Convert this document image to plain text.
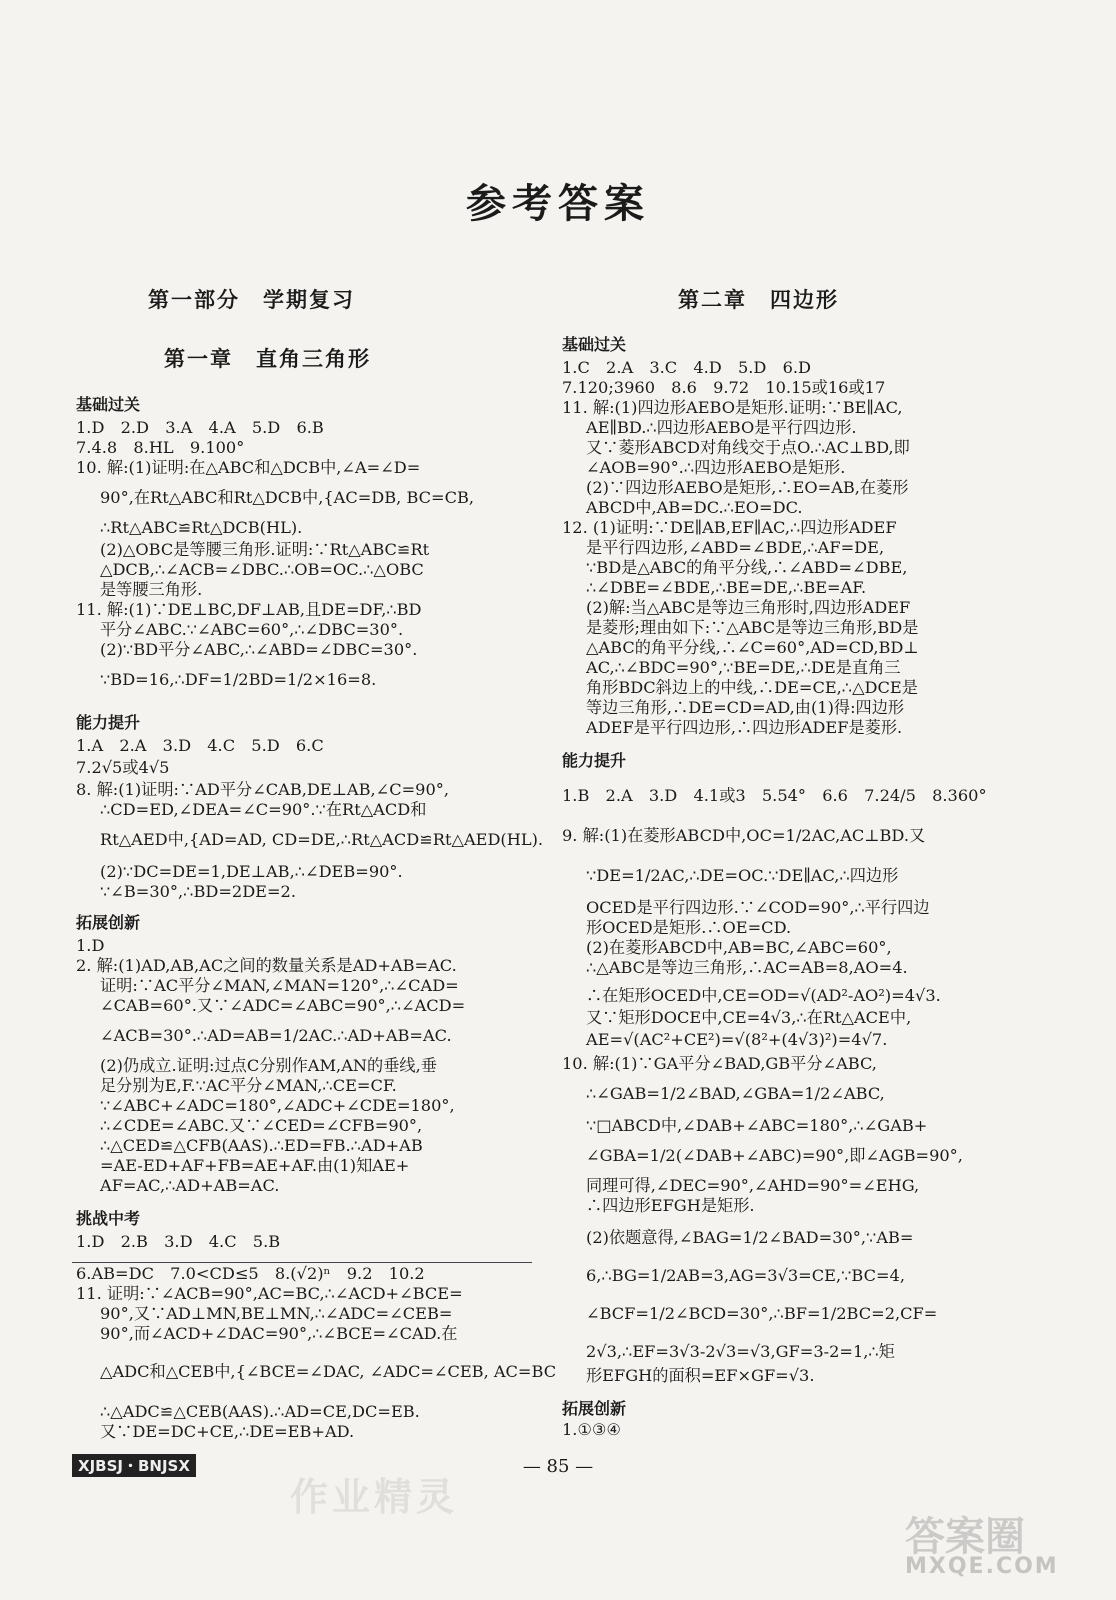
参考答案
第一部分　学期复习
第一章　直角三角形
基础过关
1.D　2.D　3.A　4.A　5.D　6.B
7.4.8　8.HL　9.100°
10. 解:(1)证明:在△ABC和△DCB中,∠A=∠D=
90°,在Rt△ABC和Rt△DCB中,{AC=DB, BC=CB,
∴Rt△ABC≌Rt△DCB(HL).
(2)△OBC是等腰三角形.证明:∵Rt△ABC≌Rt
△DCB,∴∠ACB=∠DBC.∴OB=OC.∴△OBC
是等腰三角形.
11. 解:(1)∵DE⊥BC,DF⊥AB,且DE=DF,∴BD
平分∠ABC.∵∠ABC=60°,∴∠DBC=30°.
(2)∵BD平分∠ABC,∴∠ABD=∠DBC=30°.
∵BD=16,∴DF=1/2BD=1/2×16=8.
能力提升
1.A　2.A　3.D　4.C　5.D　6.C
7.2√5或4√5
8. 解:(1)证明:∵AD平分∠CAB,DE⊥AB,∠C=90°,
∴CD=ED,∠DEA=∠C=90°.∵在Rt△ACD和
Rt△AED中,{AD=AD, CD=DE,∴Rt△ACD≌Rt△AED(HL).
(2)∵DC=DE=1,DE⊥AB,∴∠DEB=90°.
∵∠B=30°,∴BD=2DE=2.
拓展创新
1.D
2. 解:(1)AD,AB,AC之间的数量关系是AD+AB=AC.
证明:∵AC平分∠MAN,∠MAN=120°,∴∠CAD=
∠CAB=60°.又∵∠ADC=∠ABC=90°,∴∠ACD=
∠ACB=30°.∴AD=AB=1/2AC.∴AD+AB=AC.
(2)仍成立.证明:过点C分别作AM,AN的垂线,垂
足分别为E,F.∵AC平分∠MAN,∴CE=CF.
∵∠ABC+∠ADC=180°,∠ADC+∠CDE=180°,
∴∠CDE=∠ABC.又∵∠CED=∠CFB=90°,
∴△CED≌△CFB(AAS).∴ED=FB.∴AD+AB
=AE-ED+AF+FB=AE+AF.由(1)知AE+
AF=AC,∴AD+AB=AC.
挑战中考
1.D　2.B　3.D　4.C　5.B
6.AB=DC　7.0<CD≤5　8.(√2)ⁿ　9.2　10.2
11. 证明:∵∠ACB=90°,AC=BC,∴∠ACD+∠BCE=
90°,又∵AD⊥MN,BE⊥MN,∴∠ADC=∠CEB=
90°,而∠ACD+∠DAC=90°,∴∠BCE=∠CAD.在
△ADC和△CEB中,{∠BCE=∠DAC, ∠ADC=∠CEB, AC=BC
∴△ADC≌△CEB(AAS).∴AD=CE,DC=EB.
又∵DE=DC+CE,∴DE=EB+AD.
第二章　四边形
基础过关
1.C　2.A　3.C　4.D　5.D　6.D
7.120;3960　8.6　9.72　10.15或16或17
11. 解:(1)四边形AEBO是矩形.证明:∵BE∥AC,
AE∥BD.∴四边形AEBO是平行四边形.
又∵菱形ABCD对角线交于点O.∴AC⊥BD,即
∠AOB=90°.∴四边形AEBO是矩形.
(2)∵四边形AEBO是矩形,∴EO=AB,在菱形
ABCD中,AB=DC.∴EO=DC.
12. (1)证明:∵DE∥AB,EF∥AC,∴四边形ADEF
是平行四边形,∠ABD=∠BDE,∴AF=DE,
∵BD是△ABC的角平分线,∴∠ABD=∠DBE,
∴∠DBE=∠BDE,∴BE=DE,∴BE=AF.
(2)解:当△ABC是等边三角形时,四边形ADEF
是菱形;理由如下:∵△ABC是等边三角形,BD是
△ABC的角平分线,∴∠C=60°,AD=CD,BD⊥
AC,∴∠BDC=90°,∵BE=DE,∴DE是直角三
角形BDC斜边上的中线,∴DE=CE,∴△DCE是
等边三角形,∴DE=CD=AD,由(1)得:四边形
ADEF是平行四边形,∴四边形ADEF是菱形.
能力提升
1.B　2.A　3.D　4.1或3　5.54°　6.6　7.24/5　8.360°
9. 解:(1)在菱形ABCD中,OC=1/2AC,AC⊥BD.又
∵DE=1/2AC,∴DE=OC.∵DE∥AC,∴四边形
OCED是平行四边形.∵∠COD=90°,∴平行四边
形OCED是矩形.∴OE=CD.
(2)在菱形ABCD中,AB=BC,∠ABC=60°,
∴△ABC是等边三角形,∴AC=AB=8,AO=4.
∴在矩形OCED中,CE=OD=√(AD²-AO²)=4√3.
又∵矩形DOCE中,CE=4√3,∴在Rt△ACE中,
AE=√(AC²+CE²)=√(8²+(4√3)²)=4√7.
10. 解:(1)∵GA平分∠BAD,GB平分∠ABC,
∴∠GAB=1/2∠BAD,∠GBA=1/2∠ABC,
∵□ABCD中,∠DAB+∠ABC=180°,∴∠GAB+
∠GBA=1/2(∠DAB+∠ABC)=90°,即∠AGB=90°,
同理可得,∠DEC=90°,∠AHD=90°=∠EHG,
∴四边形EFGH是矩形.
(2)依题意得,∠BAG=1/2∠BAD=30°,∵AB=
6,∴BG=1/2AB=3,AG=3√3=CE,∵BC=4,
∠BCF=1/2∠BCD=30°,∴BF=1/2BC=2,CF=
2√3,∴EF=3√3-2√3=√3,GF=3-2=1,∴矩
形EFGH的面积=EF×GF=√3.
拓展创新
1.①③④
XJBSJ・BNJSX	— 85 —
作业精灵
答案圈
MXQE.COM
